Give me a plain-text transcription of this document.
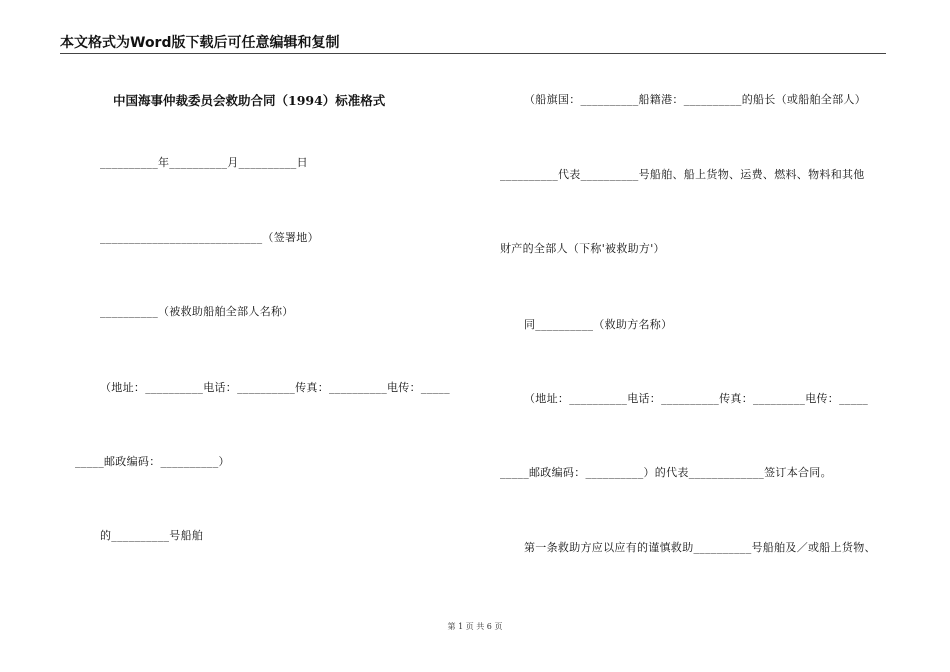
本文格式为Word版下载后可任意编辑和复制
中国海事仲裁委员会救助合同（1994）标准格式
__________年__________月__________日
____________________________（签署地）
__________（被救助船舶全部人名称）
（地址：__________电话：__________传真：__________电传：_____
_____邮政编码：__________）
的__________号船舶
（船旗国：__________船籍港：__________的船长（或船舶全部人）
__________代表__________号船舶、船上货物、运费、燃料、物料和其他
财产的全部人（下称'被救助方'）
同__________（救助方名称）
（地址：__________电话：__________传真：_________电传：_____
_____邮政编码：__________）的代表_____________签订本合同。
第一条救助方应以应有的谨慎救助__________号船舶及／或船上货物、
第 1 页 共 6 页
